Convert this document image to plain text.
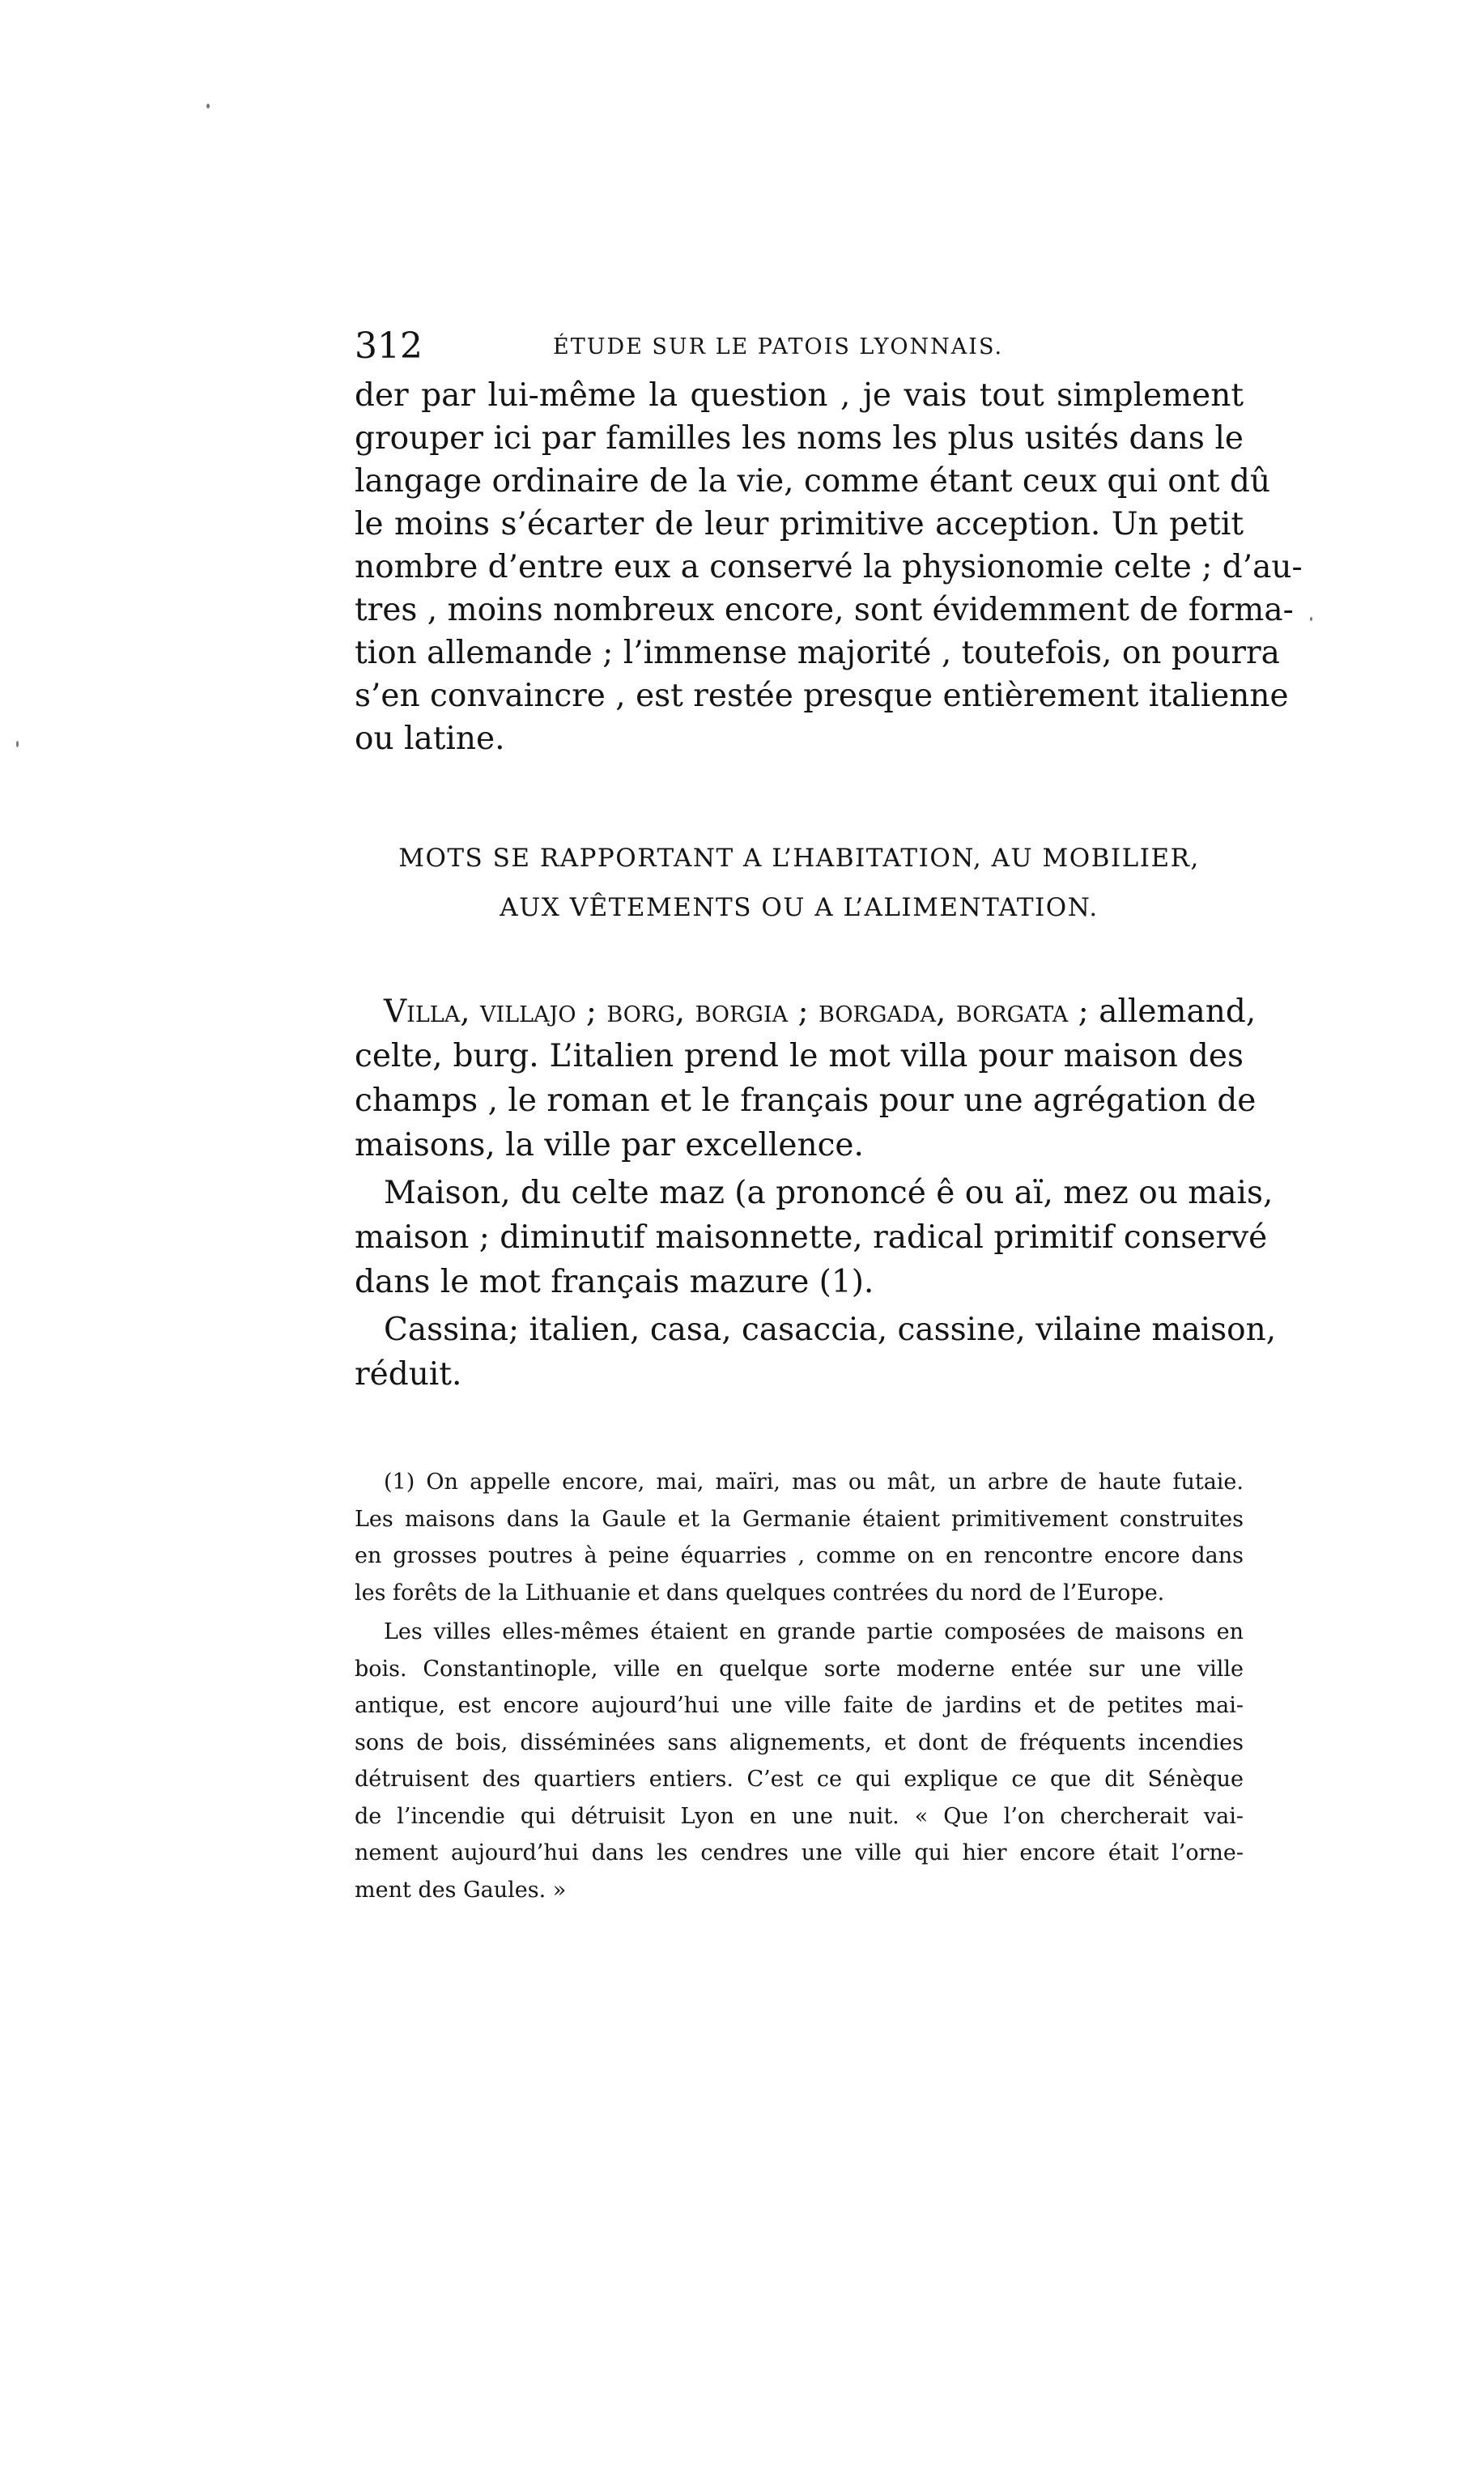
312	ÉTUDE SUR LE PATOIS LYONNAIS.
der par lui-même la question , je vais tout simplement
grouper ici par familles les noms les plus usités dans le
langage ordinaire de la vie, comme étant ceux qui ont dû
le moins s’écarter de leur primitive acception. Un petit
nombre d’entre eux a conservé la physionomie celte ; d’au-
tres , moins nombreux encore, sont évidemment de forma-
tion allemande ; l’immense majorité , toutefois, on pourra
s’en convaincre , est restée presque entièrement italienne
ou latine.
MOTS SE RAPPORTANT A L’HABITATION, AU MOBILIER,
AUX VÊTEMENTS OU A L’ALIMENTATION.
Villa, villajo ; borg, borgia ; borgada, borgata ; allemand,
celte, burg. L’italien prend le mot villa pour maison des
champs , le roman et le français pour une agrégation de
maisons, la ville par excellence.
Maison, du celte maz (a prononcé ê ou aï, mez ou mais,
maison ; diminutif maisonnette, radical primitif conservé
dans le mot français mazure (1).
Cassina; italien, casa, casaccia, cassine, vilaine maison,
réduit.
(1) On appelle encore, mai, maïri, mas ou mât, un arbre de haute futaie.
Les maisons dans la Gaule et la Germanie étaient primitivement construites
en grosses poutres à peine équarries , comme on en rencontre encore dans
les forêts de la Lithuanie et dans quelques contrées du nord de l’Europe.
Les villes elles-mêmes étaient en grande partie composées de maisons en
bois. Constantinople, ville en quelque sorte moderne entée sur une ville
antique, est encore aujourd’hui une ville faite de jardins et de petites mai-
sons de bois, disséminées sans alignements, et dont de fréquents incendies
détruisent des quartiers entiers. C’est ce qui explique ce que dit Sénèque
de l’incendie qui détruisit Lyon en une nuit. « Que l’on chercherait vai-
nement aujourd’hui dans les cendres une ville qui hier encore était l’orne-
ment des Gaules. »
